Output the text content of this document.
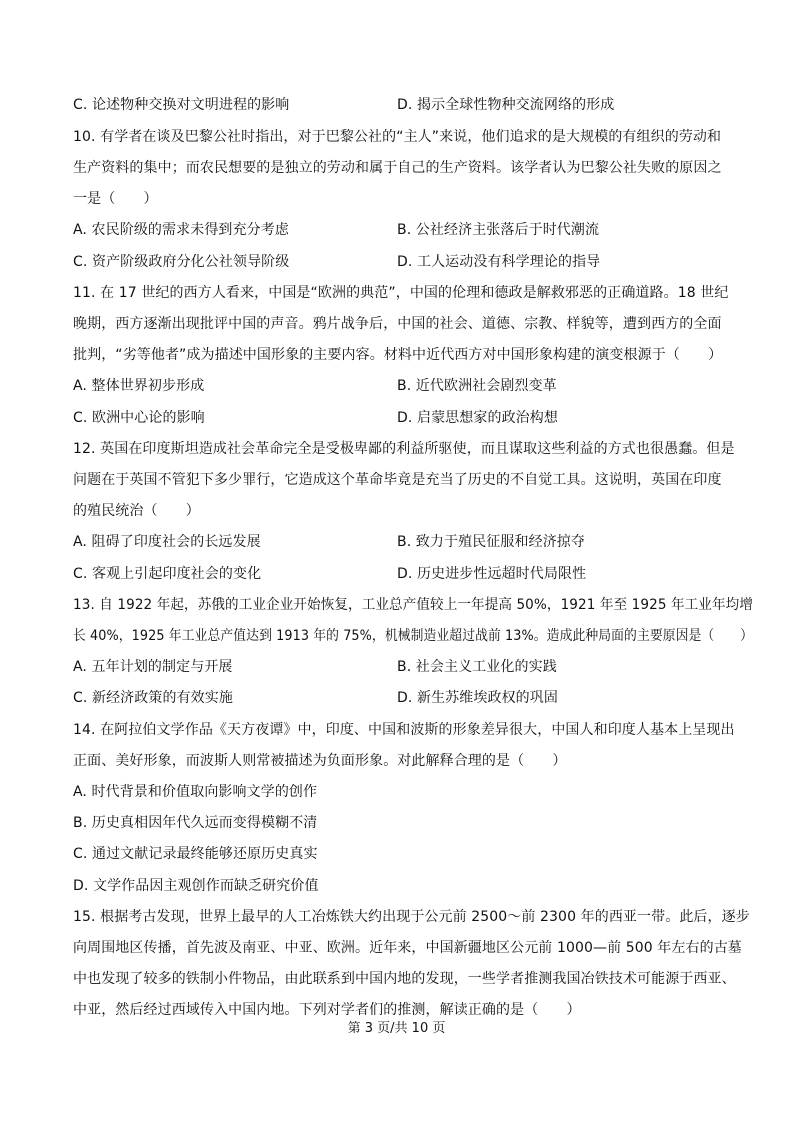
C. 论述物种交换对文明进程的影响	D. 揭示全球性物种交流网络的形成
10. 有学者在谈及巴黎公社时指出，对于巴黎公社的“主人”来说，他们追求的是大规模的有组织的劳动和
生产资料的集中；而农民想要的是独立的劳动和属于自己的生产资料。该学者认为巴黎公社失败的原因之
一是（　　）
A. 农民阶级的需求未得到充分考虑	B. 公社经济主张落后于时代潮流
C. 资产阶级政府分化公社领导阶级	D. 工人运动没有科学理论的指导
11. 在 17 世纪的西方人看来，中国是“欧洲的典范”，中国的伦理和德政是解救邪恶的正确道路。18 世纪
晚期，西方逐渐出现批评中国的声音。鸦片战争后，中国的社会、道德、宗教、样貌等，遭到西方的全面
批判，“劣等他者”成为描述中国形象的主要内容。材料中近代西方对中国形象构建的演变根源于（　　）
A. 整体世界初步形成	B. 近代欧洲社会剧烈变革
C. 欧洲中心论的影响	D. 启蒙思想家的政治构想
12. 英国在印度斯坦造成社会革命完全是受极卑鄙的利益所驱使，而且谋取这些利益的方式也很愚蠢。但是
问题在于英国不管犯下多少罪行，它造成这个革命毕竟是充当了历史的不自觉工具。这说明，英国在印度
的殖民统治（　　）
A. 阻碍了印度社会的长远发展	B. 致力于殖民征服和经济掠夺
C. 客观上引起印度社会的变化	D. 历史进步性远超时代局限性
13. 自 1922 年起，苏俄的工业企业开始恢复，工业总产值较上一年提高 50%，1921 年至 1925 年工业年均增
长 40%，1925 年工业总产值达到 1913 年的 75%，机械制造业超过战前 13%。造成此种局面的主要原因是（　　）
A. 五年计划的制定与开展	B. 社会主义工业化的实践
C. 新经济政策的有效实施	D. 新生苏维埃政权的巩固
14. 在阿拉伯文学作品《天方夜谭》中，印度、中国和波斯的形象差异很大，中国人和印度人基本上呈现出
正面、美好形象，而波斯人则常被描述为负面形象。对此解释合理的是（　　）
A. 时代背景和价值取向影响文学的创作
B. 历史真相因年代久远而变得模糊不清
C. 通过文献记录最终能够还原历史真实
D. 文学作品因主观创作而缺乏研究价值
15. 根据考古发现，世界上最早的人工冶炼铁大约出现于公元前 2500～前 2300 年的西亚一带。此后，逐步
向周围地区传播，首先波及南亚、中亚、欧洲。近年来，中国新疆地区公元前 1000—前 500 年左右的古墓
中也发现了较多的铁制小件物品，由此联系到中国内地的发现，一些学者推测我国冶铁技术可能源于西亚、
中亚，然后经过西域传入中国内地。下列对学者们的推测，解读正确的是（　　）
第 3 页/共 10 页
